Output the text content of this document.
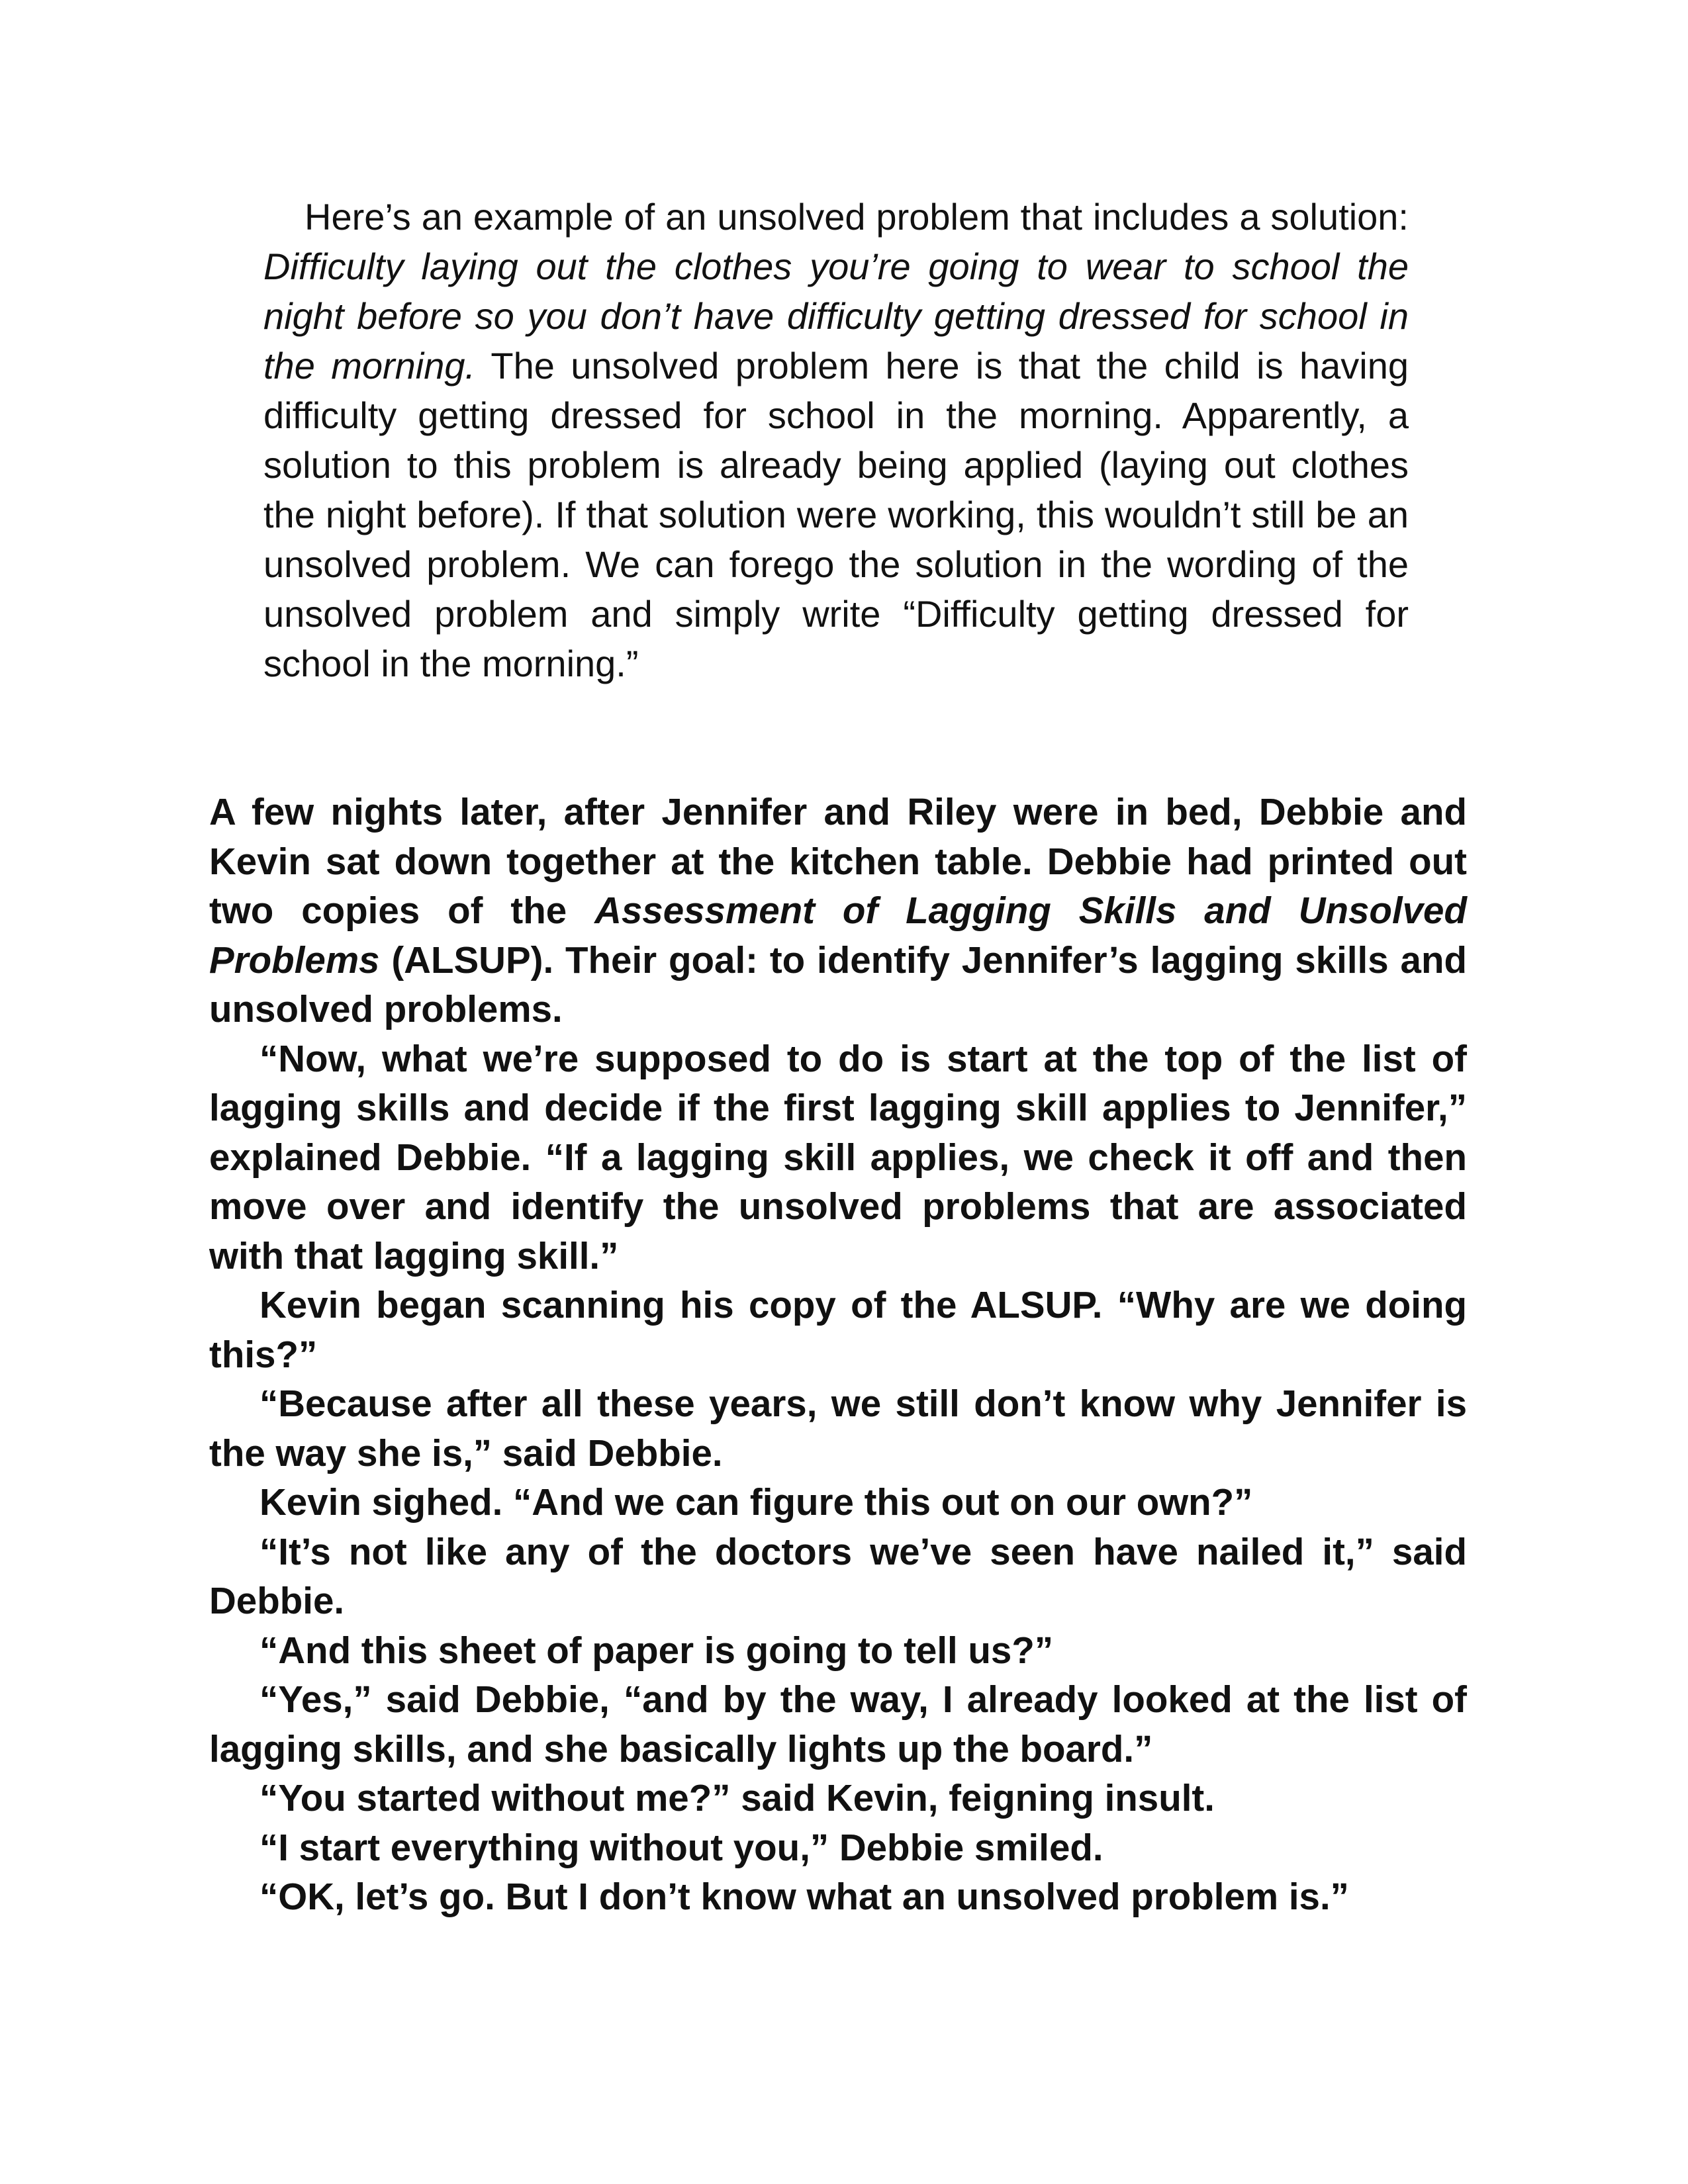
Here’s an example of an unsolved problem that includes a solution: Difficulty laying out the clothes you’re going to wear to school the night before so you don’t have difficulty getting dressed for school in the morning. The unsolved problem here is that the child is having difficulty getting dressed for school in the morning. Apparently, a solution to this problem is already being applied (laying out clothes the night before). If that solution were working, this wouldn’t still be an unsolved problem. We can forego the solution in the wording of the unsolved problem and simply write “Difficulty getting dressed for school in the morning.”

A few nights later, after Jennifer and Riley were in bed, Debbie and Kevin sat down together at the kitchen table. Debbie had printed out two copies of the Assessment of Lagging Skills and Unsolved Problems (ALSUP). Their goal: to identify Jennifer’s lagging skills and unsolved problems.

“Now, what we’re supposed to do is start at the top of the list of lagging skills and decide if the first lagging skill applies to Jennifer,” explained Debbie. “If a lagging skill applies, we check it off and then move over and identify the unsolved problems that are associated with that lagging skill.”

Kevin began scanning his copy of the ALSUP. “Why are we doing this?”

“Because after all these years, we still don’t know why Jennifer is the way she is,” said Debbie.

Kevin sighed. “And we can figure this out on our own?”

“It’s not like any of the doctors we’ve seen have nailed it,” said Debbie.

“And this sheet of paper is going to tell us?”

“Yes,” said Debbie, “and by the way, I already looked at the list of lagging skills, and she basically lights up the board.”

“You started without me?” said Kevin, feigning insult.

“I start everything without you,” Debbie smiled.

“OK, let’s go. But I don’t know what an unsolved problem is.”
